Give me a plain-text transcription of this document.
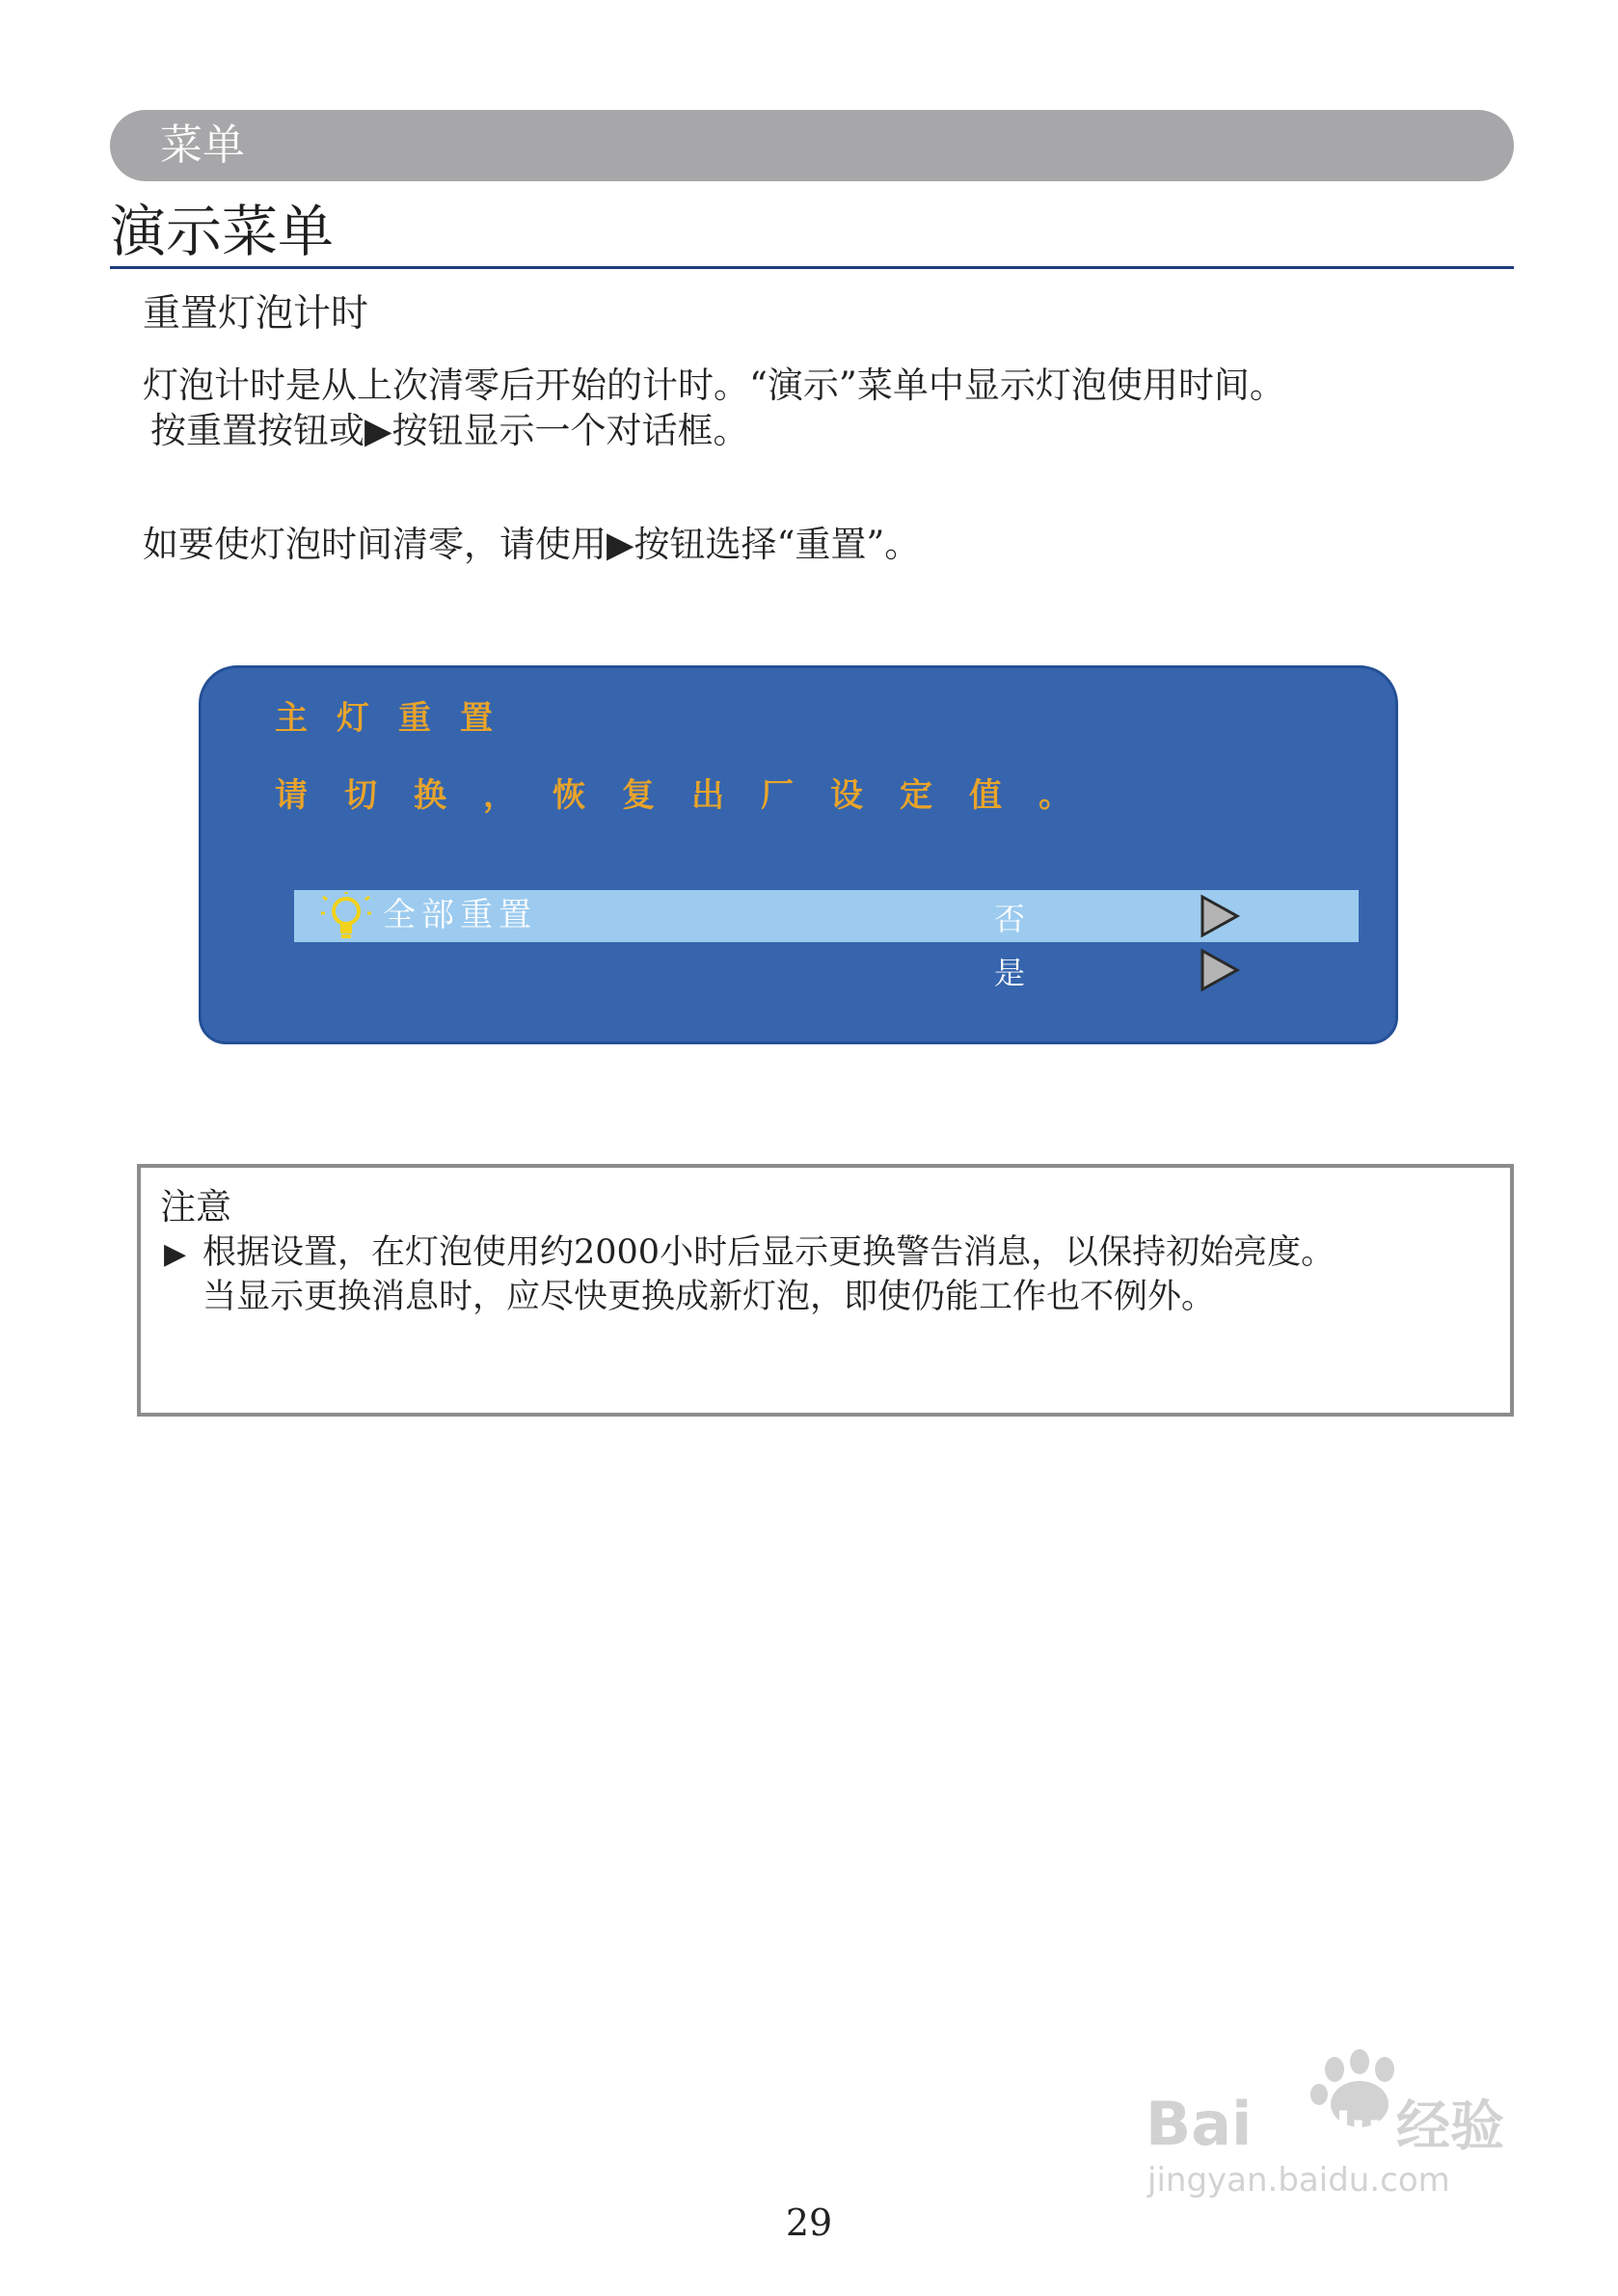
菜单
演示菜单
重置灯泡计时
灯泡计时是从上次清零后开始的计时。“演示”菜单中显示灯泡使用时间。
按重置按钮或▶按钮显示一个对话框。
如要使灯泡时间清零，请使用▶按钮选择“重置”。
主灯重置
请切换，恢复出厂设定值。
全部重置	否
是
注意
▶ 根据设置，在灯泡使用约2000小时后显示更换警告消息，以保持初始亮度。
当显示更换消息时，应尽快更换成新灯泡，即使仍能工作也不例外。
Bai du 经验
jingyan.baidu.com
29
